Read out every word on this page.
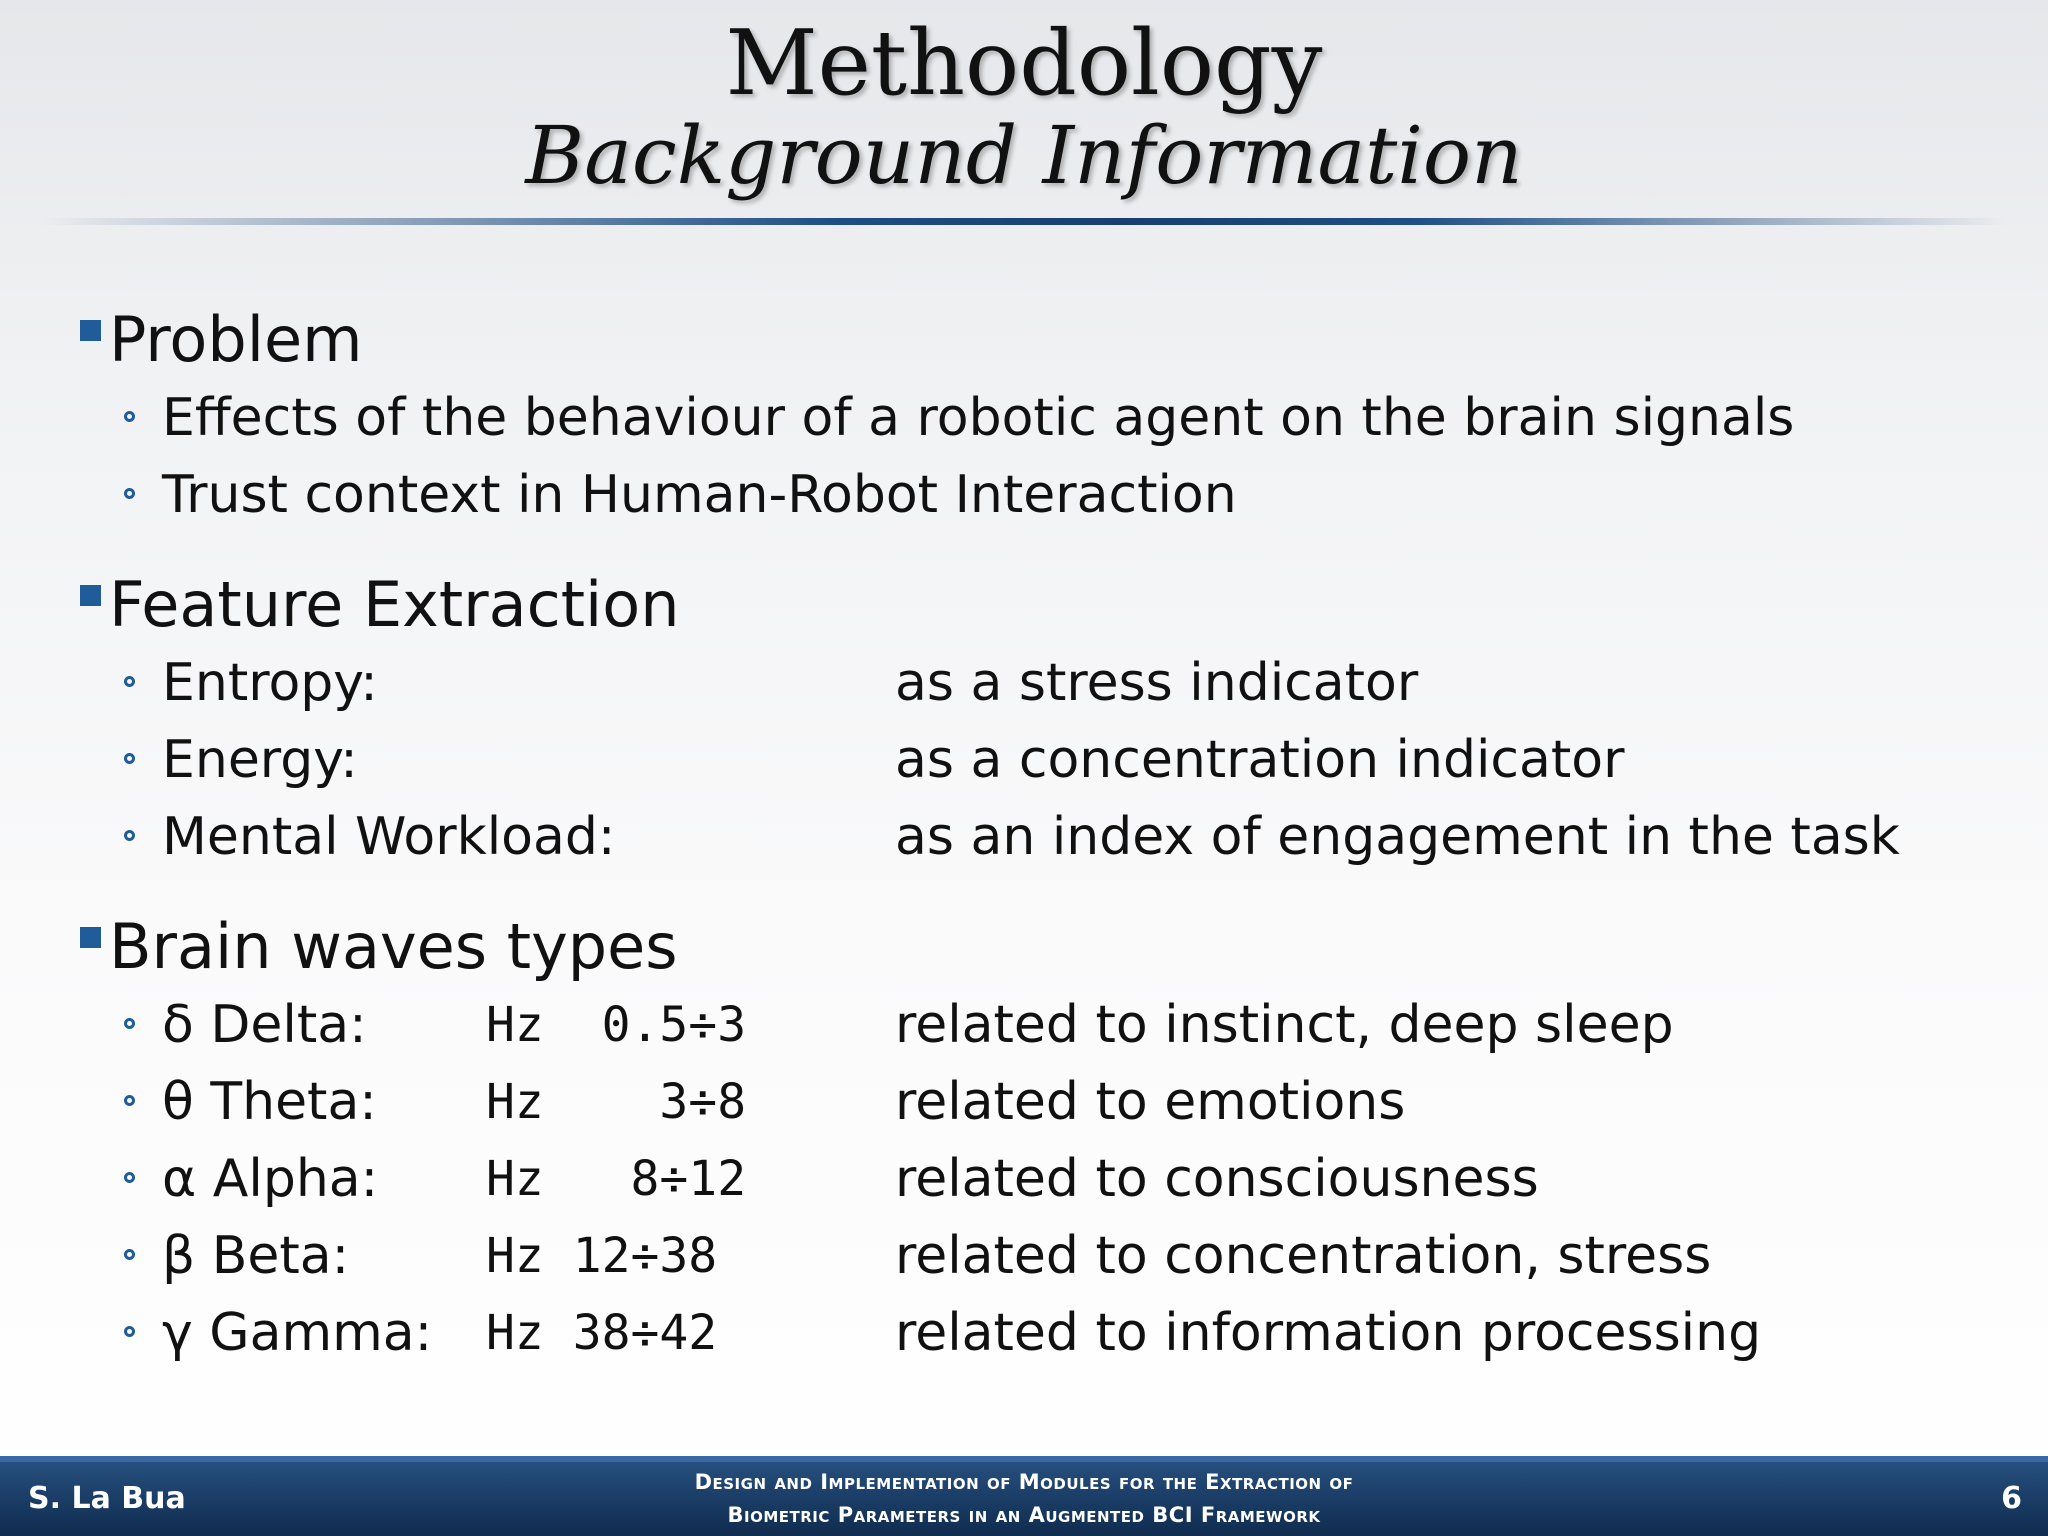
Methodology
Background Information
Problem
Effects of the behaviour of a robotic agent on the brain signals
Trust context in Human-Robot Interaction
Feature Extraction
Entropy:	as a stress indicator
Energy:	as a concentration indicator
Mental Workload:	as an index of engagement in the task
Brain waves types
δ Delta: Hz  0.5÷3	related to instinct, deep sleep
θ Theta: Hz    3÷8	related to emotions
α Alpha: Hz   8÷12	related to consciousness
β Beta:	Hz 12÷38	related to concentration, stress
γ Gamma: Hz 38÷42	related to information processing
S. La Bua	Design and Implementation of Modules for the Extraction of
Biometric Parameters in an Augmented BCI Framework	6
